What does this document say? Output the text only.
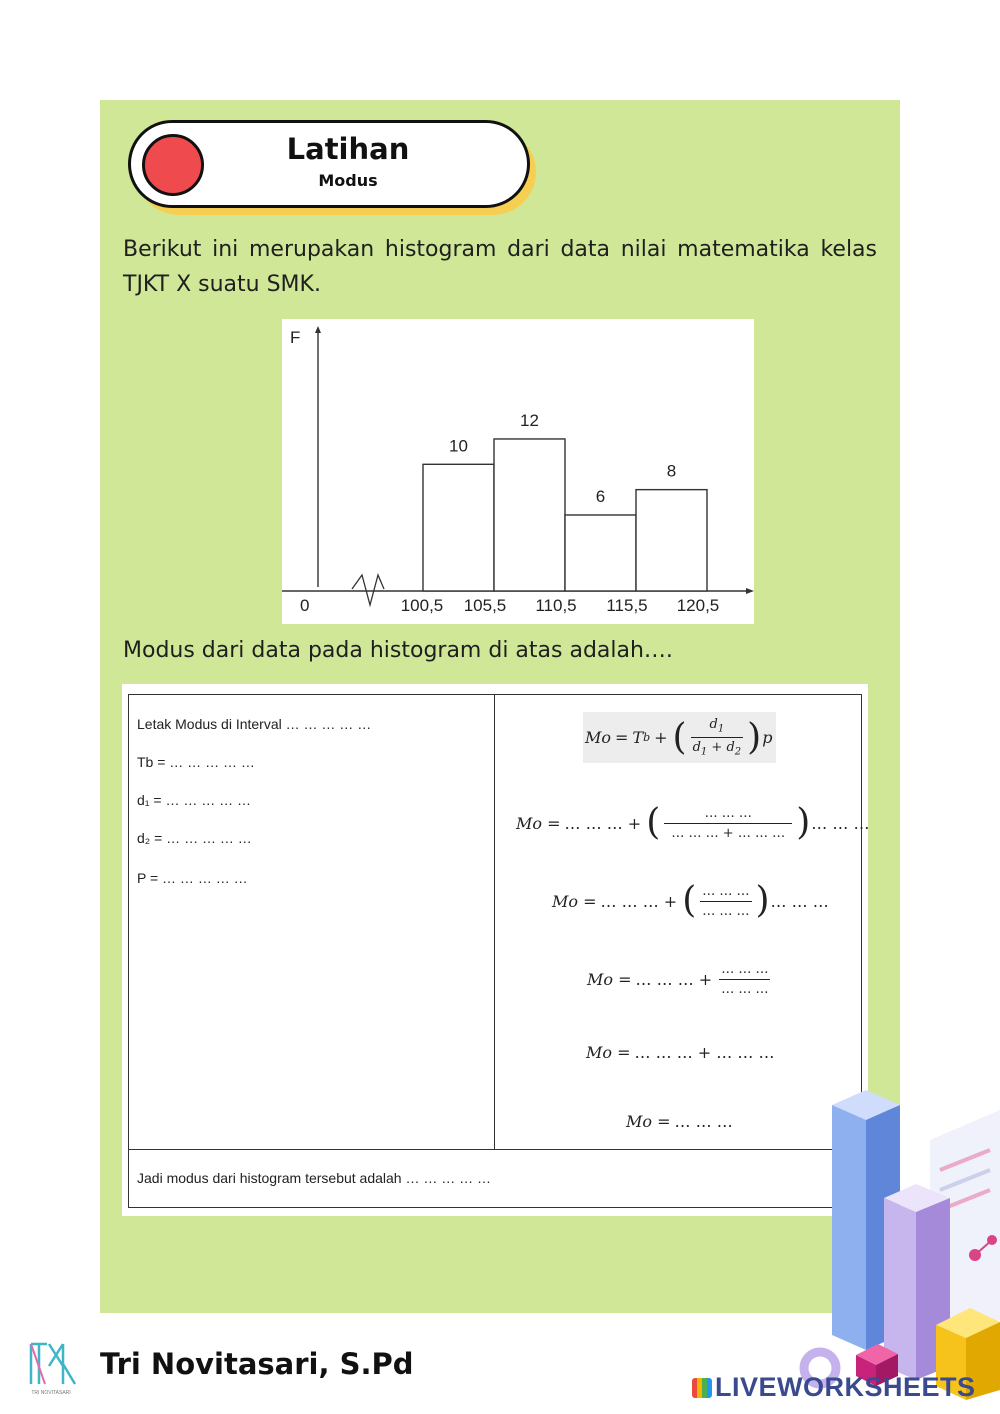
Latihan
Modus
Berikut ini merupakan histogram dari data nilai matematika kelas TJKT X suatu SMK.
F
0
10
12
6
8
100,5 105,5 110,5 115,5 120,5
Modus dari data pada histogram di atas adalah….
Letak Modus di Interval … … … … …
Tb = … … … … …
d₁ = … … … … …
d₂ = … … … … …
P = … … … … …
Mo = T b + ( $\frac{d_1}{d_1 + d_2}$ ) p
Mo = … … … + ( $\frac{\dots \dots \dots}{\dots \dots \dots + \dots \dots \dots}$ ) … … …
Mo = … … … + ( $\frac{\dots \dots \dots}{\dots \dots \dots}$ ) … … …
Mo = … … … + $\frac{\dots \dots \dots}{\dots \dots \dots}$
Mo = … … … + … … …
Mo = … … …
Jadi modus dari histogram tersebut adalah … … … … …
TRI NOVITASARI
Tri Novitasari, S.Pd
LIVEWORKSHEETS
